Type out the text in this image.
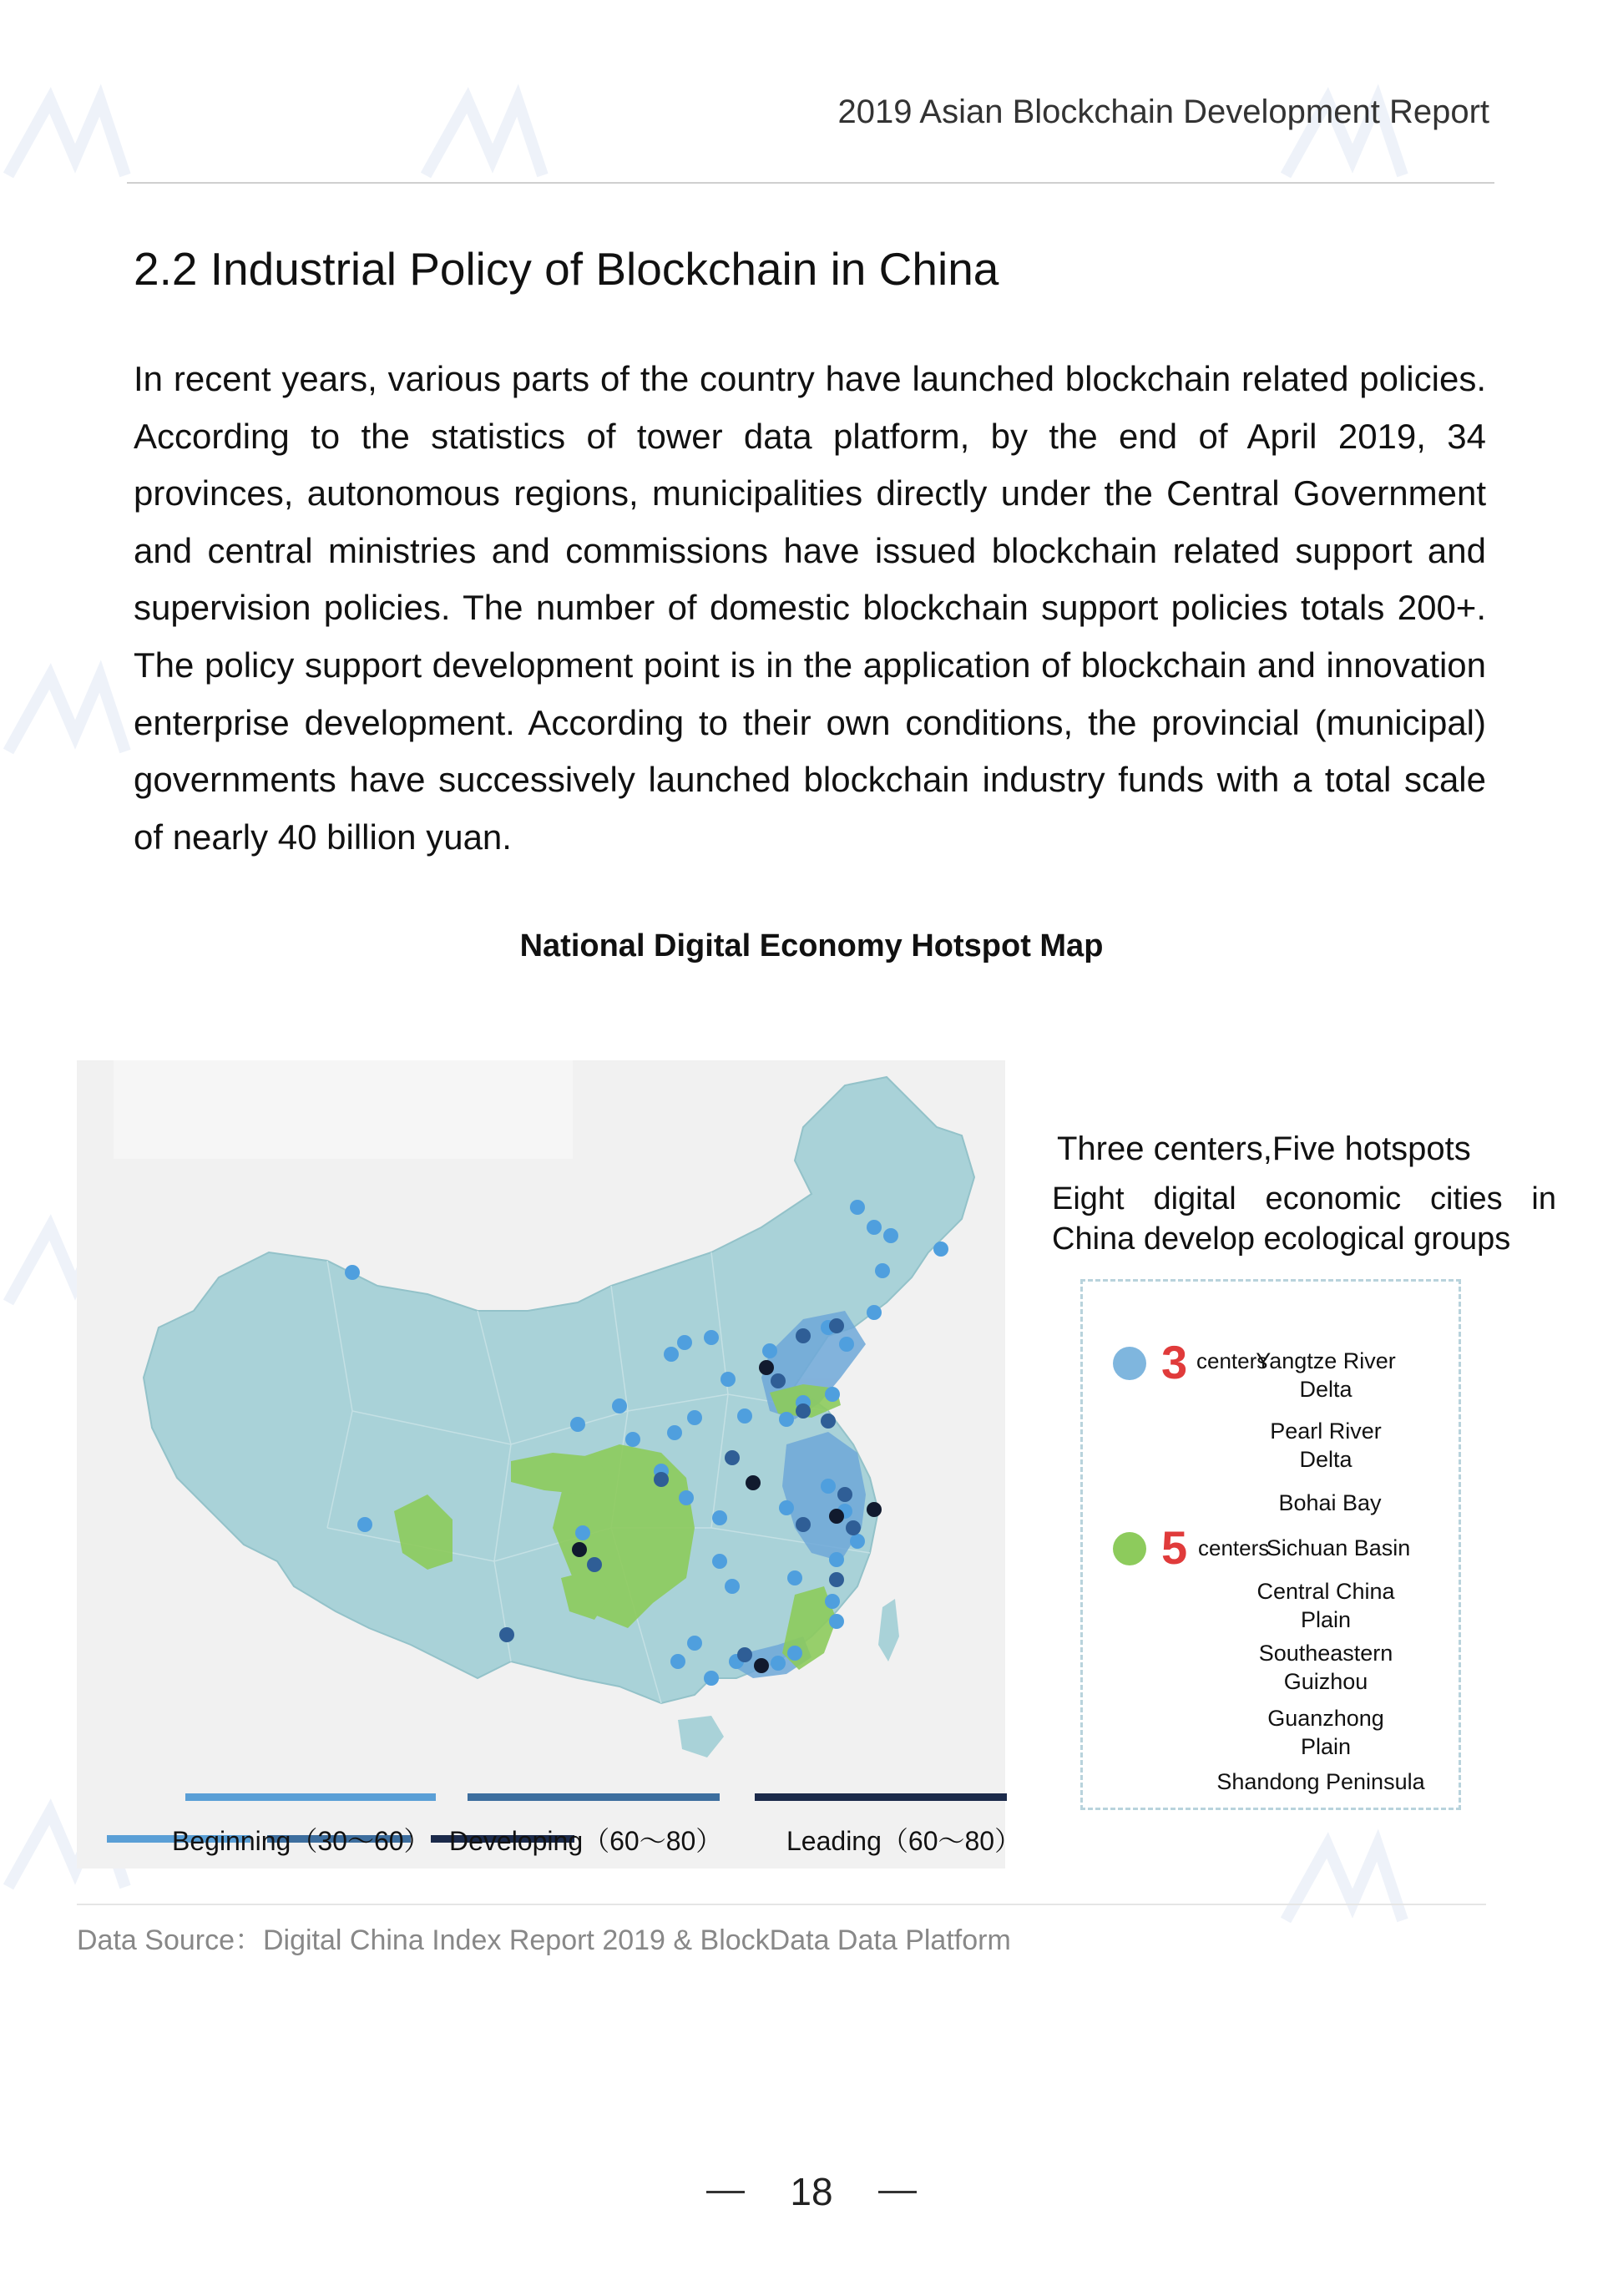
2019 Asian Blockchain Development Report
2.2 Industrial Policy of Blockchain in China

In recent years, various parts of the country have launched blockchain related policies. According to the statistics of tower data platform, by the end of April 2019, 34 provinces, autonomous regions, municipalities directly under the Central Government and central ministries and commissions have issued blockchain related support and supervision policies. The number of domestic blockchain support policies totals 200+. The policy support development point is in the application of blockchain and innovation enterprise development. According to their own conditions, the provincial (municipal) governments have successively launched blockchain industry funds with a total scale of nearly 40 billion yuan.

National Digital Economy Hotspot Map
Beginning（30～60） Developing（60～80） Leading（60～80）
Three centers,Five hotspots

Eight digital economic cities in China develop ecological groups

3 centers
Yangtze River Delta
Pearl River Delta
Bohai Bay
5 centers
Sichuan Basin
Central China Plain
Southeastern Guizhou
Guanzhong Plain
Shandong Peninsula
Data Source：Digital China Index Report 2019 & BlockData Data Platform
18
